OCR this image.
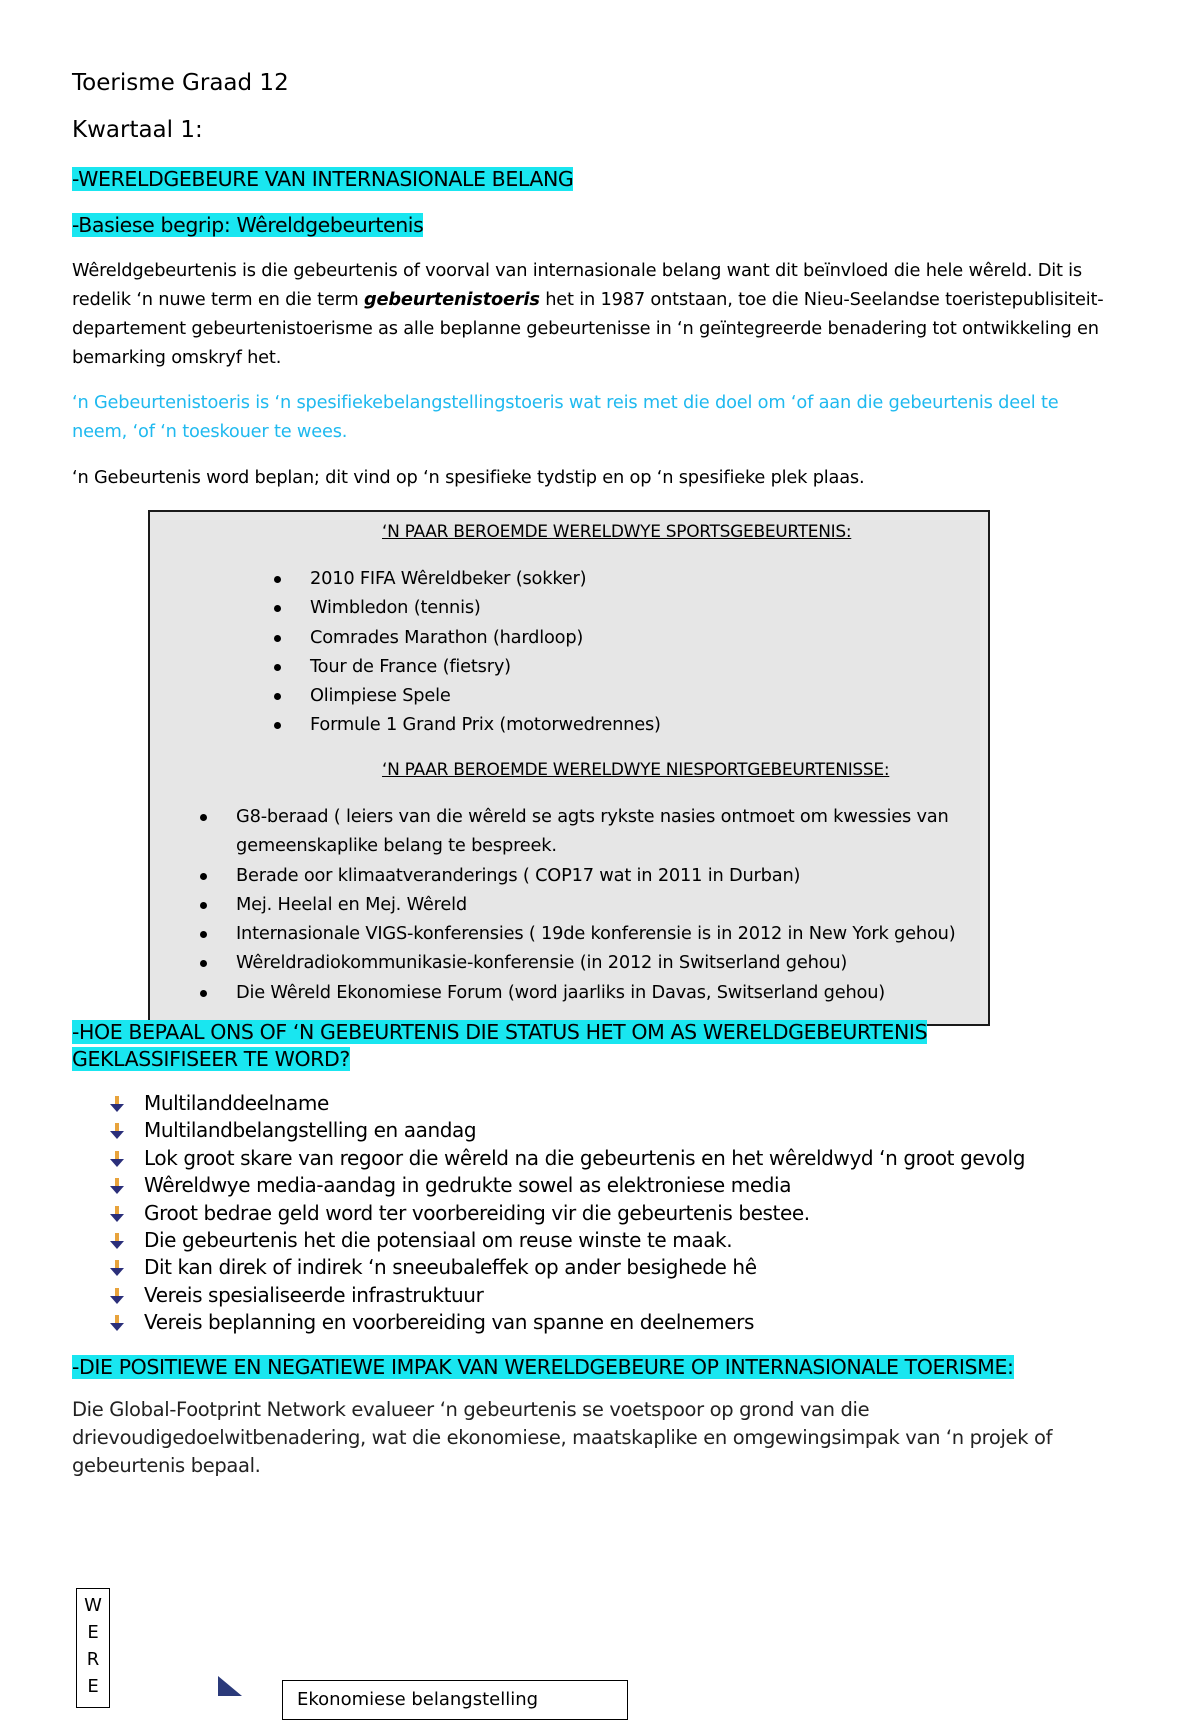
Toerisme Graad 12
Kwartaal 1:
-WERELDGEBEURE VAN INTERNASIONALE BELANG
-Basiese begrip: Wêreldgebeurtenis
Wêreldgebeurtenis is die gebeurtenis of voorval van internasionale belang want dit beïnvloed die hele wêreld. Dit is redelik ‘n nuwe term en die term gebeurtenistoeris het in 1987 ontstaan, toe die Nieu-Seelandse toeristepublisiteit-departement gebeurtenistoerisme as alle beplanne gebeurtenisse in ‘n geïntegreerde benadering tot ontwikkeling en bemarking omskryf het.
‘n Gebeurtenistoeris is ‘n spesifiekebelangstellingstoeris wat reis met die doel om ‘of aan die gebeurtenis deel te neem, ‘of ‘n toeskouer te wees.
‘n Gebeurtenis word beplan; dit vind op ‘n spesifieke tydstip en op ‘n spesifieke plek plaas.
‘N PAAR BEROEMDE WERELDWYE SPORTSGEBEURTENIS:
2010 FIFA Wêreldbeker (sokker)
Wimbledon (tennis)
Comrades Marathon (hardloop)
Tour de France (fietsry)
Olimpiese Spele
Formule 1 Grand Prix (motorwedrennes)
‘N PAAR BEROEMDE WERELDWYE NIESPORTGEBEURTENISSE:
G8-beraad ( leiers van die wêreld se agts rykste nasies ontmoet om kwessies van gemeenskaplike belang te bespreek.
Berade oor klimaatveranderings ( COP17 wat in 2011 in Durban)
Mej. Heelal en Mej. Wêreld
Internasionale VIGS-konferensies ( 19de konferensie is in 2012 in New York gehou)
Wêreldradiokommunikasie-konferensie (in 2012 in Switserland gehou)
Die Wêreld Ekonomiese Forum (word jaarliks in Davas, Switserland gehou)
-HOE BEPAAL ONS OF ‘N GEBEURTENIS DIE STATUS HET OM AS WERELDGEBEURTENIS
GEKLASSIFISEER TE WORD?
Multilanddeelname
Multilandbelangstelling en aandag
Lok groot skare van regoor die wêreld na die gebeurtenis en het wêreldwyd ‘n groot gevolg
Wêreldwye media-aandag in gedrukte sowel as elektroniese media
Groot bedrae geld word ter voorbereiding vir die gebeurtenis bestee.
Die gebeurtenis het die potensiaal om reuse winste te maak.
Dit kan direk of indirek ‘n sneeubaleffek op ander besighede hê
Vereis spesialiseerde infrastruktuur
Vereis beplanning en voorbereiding van spanne en deelnemers
-DIE POSITIEWE EN NEGATIEWE IMPAK VAN WERELDGEBEURE OP INTERNASIONALE TOERISME:
Die Global-Footprint Network evalueer ‘n gebeurtenis se voetspoor op grond van die drievoudigedoelwitbenadering, wat die ekonomiese, maatskaplike en omgewingsimpak van ‘n projek of gebeurtenis bepaal.
W
E
R
E
Ekonomiese belangstelling
